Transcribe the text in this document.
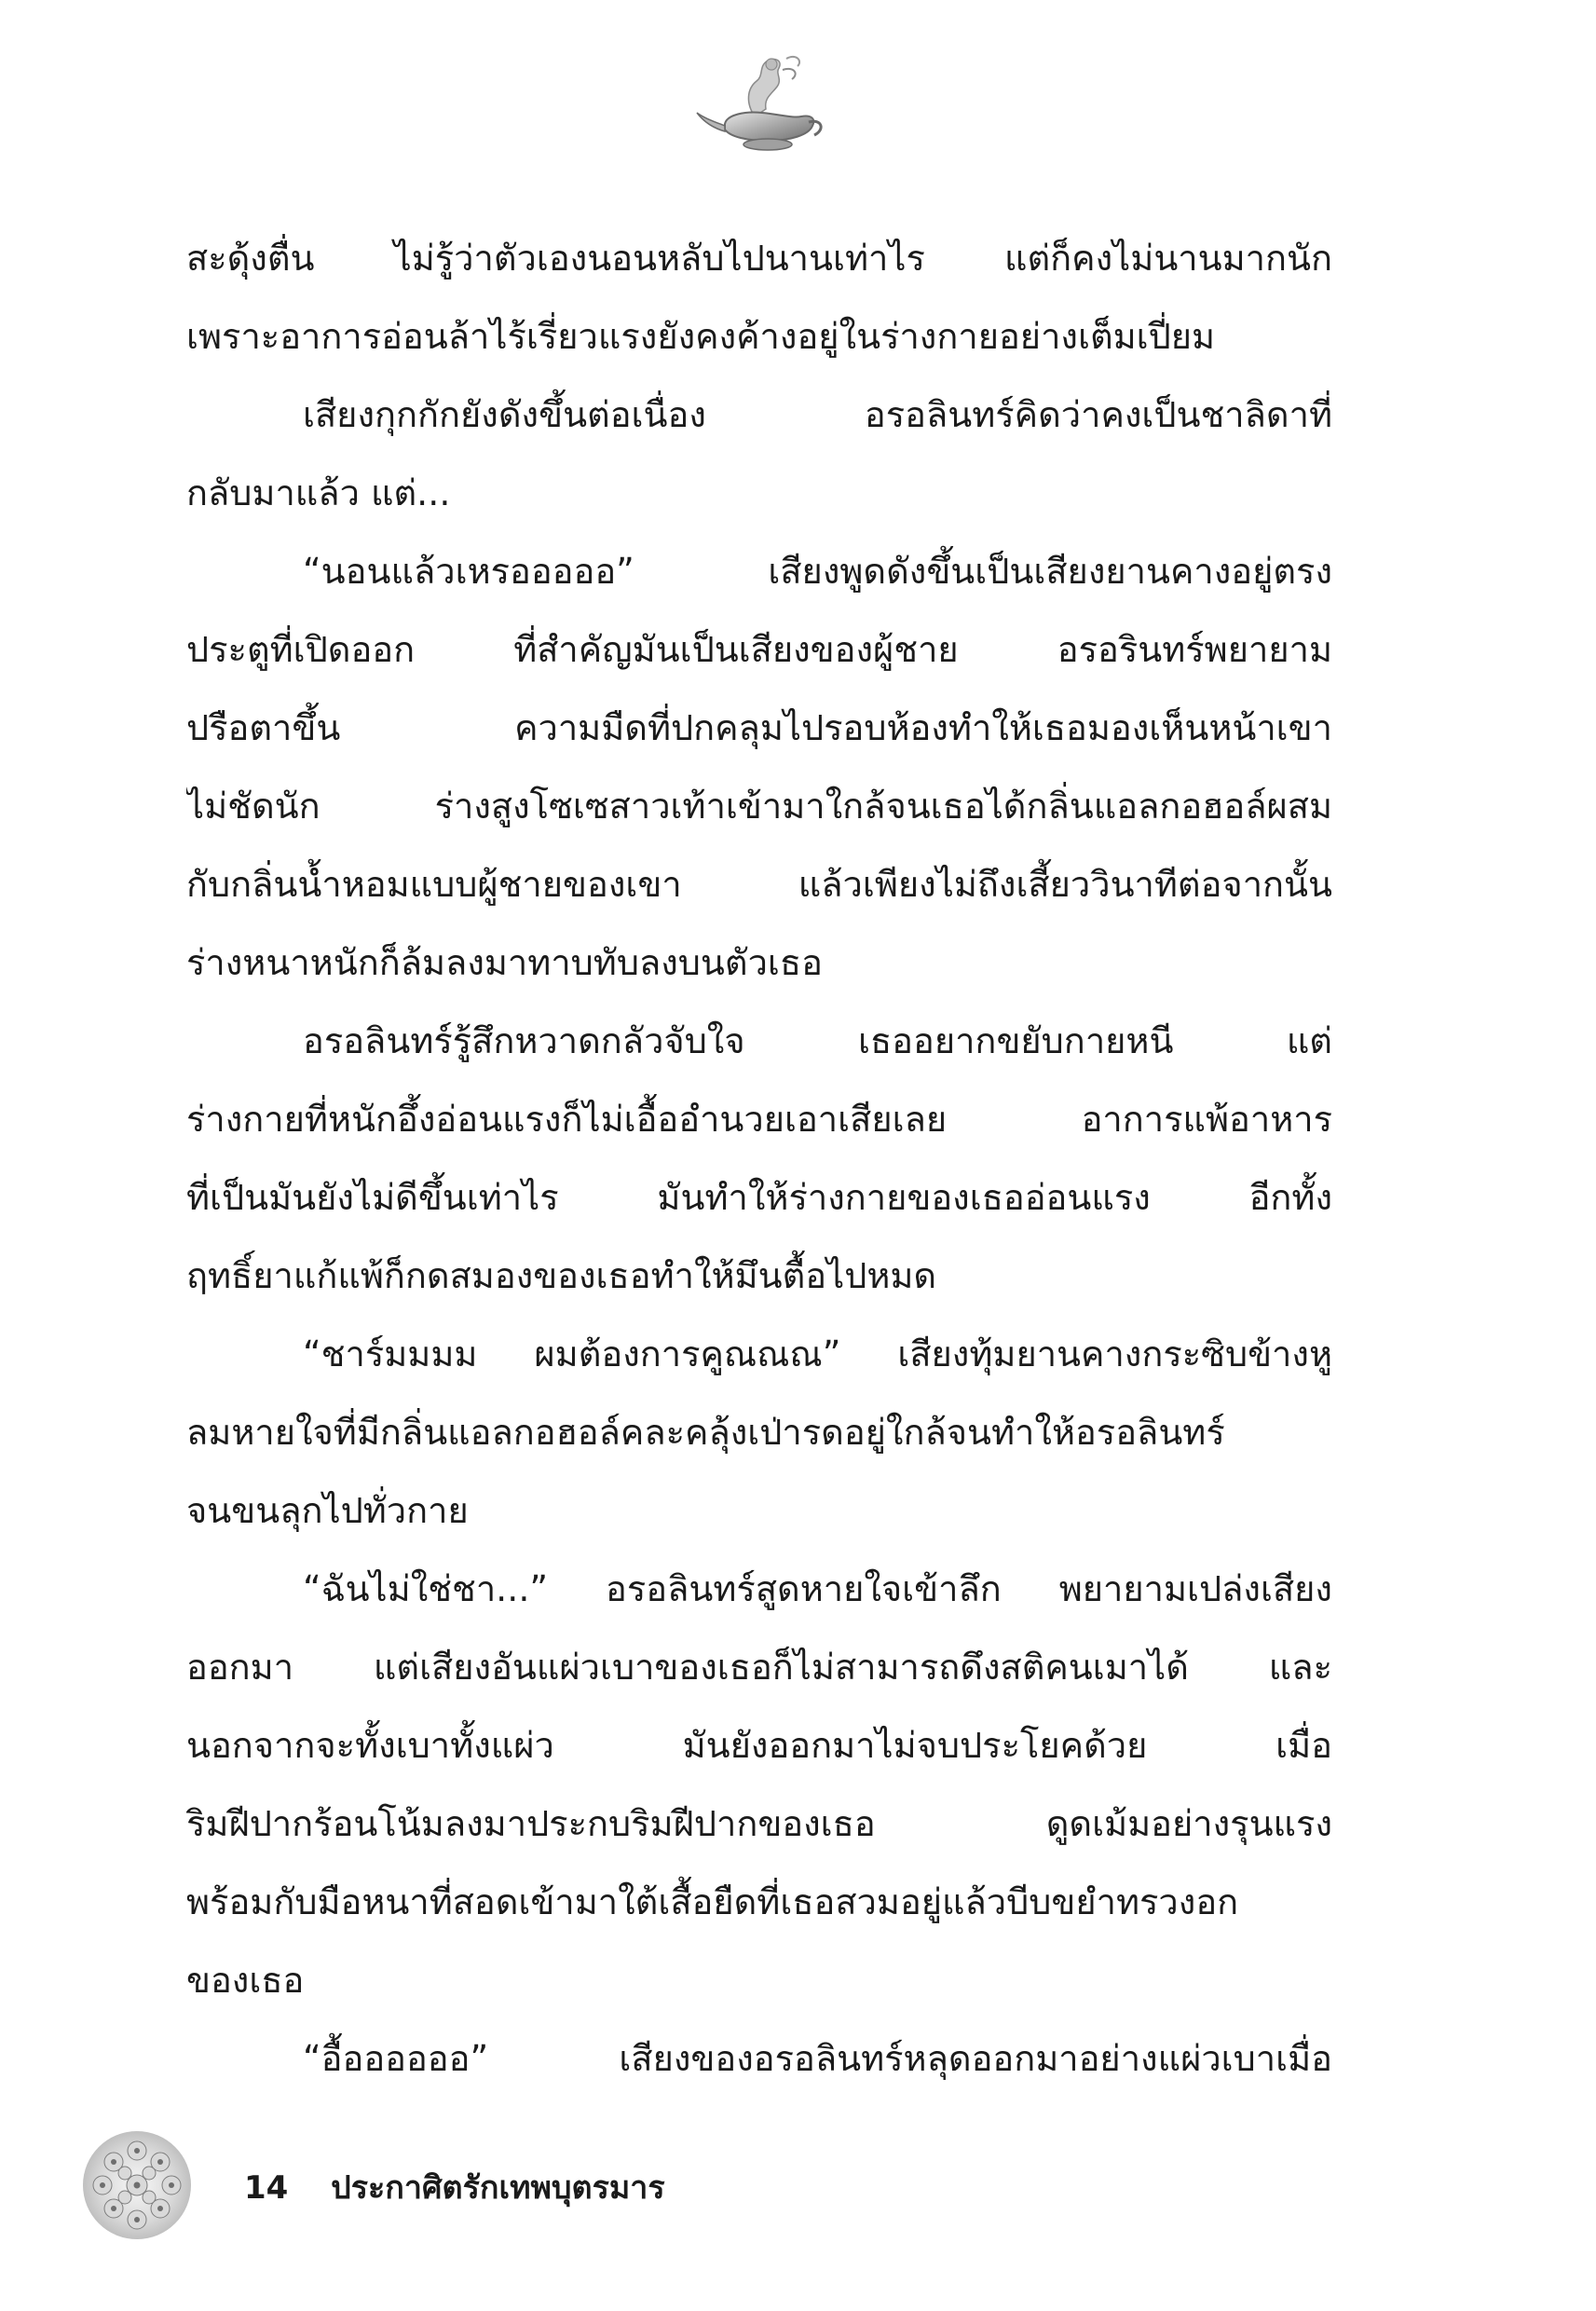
สะดุ้งตื่น ไม่รู้ว่าตัวเองนอนหลับไปนานเท่าไร แต่ก็คงไม่นานมากนัก
เพราะอาการอ่อนล้าไร้เรี่ยวแรงยังคงค้างอยู่ในร่างกายอย่างเต็มเปี่ยม
เสียงกุกกักยังดังขึ้นต่อเนื่อง อรอลินทร์คิดว่าคงเป็นชาลิดาที่
กลับมาแล้ว แต่...
“นอนแล้วเหรอออออ” เสียงพูดดังขึ้นเป็นเสียงยานคางอยู่ตรง
ประตูที่เปิดออก ที่สำคัญมันเป็นเสียงของผู้ชาย อรอรินทร์พยายาม
ปรือตาขึ้น ความมืดที่ปกคลุมไปรอบห้องทำให้เธอมองเห็นหน้าเขา
ไม่ชัดนัก ร่างสูงโซเซสาวเท้าเข้ามาใกล้จนเธอได้กลิ่นแอลกอฮอล์ผสม
กับกลิ่นน้ำหอมแบบผู้ชายของเขา แล้วเพียงไม่ถึงเสี้ยววินาทีต่อจากนั้น
ร่างหนาหนักก็ล้มลงมาทาบทับลงบนตัวเธอ
อรอลินทร์รู้สึกหวาดกลัวจับใจ เธออยากขยับกายหนี แต่
ร่างกายที่หนักอึ้งอ่อนแรงก็ไม่เอื้ออำนวยเอาเสียเลย อาการแพ้อาหาร
ที่เป็นมันยังไม่ดีขึ้นเท่าไร มันทำให้ร่างกายของเธออ่อนแรง อีกทั้ง
ฤทธิ์ยาแก้แพ้ก็กดสมองของเธอทำให้มึนตื้อไปหมด
“ชาร์มมมม ผมต้องการคูณณณ” เสียงทุ้มยานคางกระซิบข้างหู
ลมหายใจที่มีกลิ่นแอลกอฮอล์คละคลุ้งเป่ารดอยู่ใกล้จนทำให้อรอลินทร์
จนขนลุกไปทั่วกาย
“ฉันไม่ใช่ชา...” อรอลินทร์สูดหายใจเข้าลึก พยายามเปล่งเสียง
ออกมา แต่เสียงอันแผ่วเบาของเธอก็ไม่สามารถดึงสติคนเมาได้ และ
นอกจากจะทั้งเบาทั้งแผ่ว มันยังออกมาไม่จบประโยคด้วย เมื่อ
ริมฝีปากร้อนโน้มลงมาประกบริมฝีปากของเธอ ดูดเม้มอย่างรุนแรง
พร้อมกับมือหนาที่สอดเข้ามาใต้เสื้อยืดที่เธอสวมอยู่แล้วบีบขยำทรวงอก
ของเธอ
“อื้ออออออ” เสียงของอรอลินทร์หลุดออกมาอย่างแผ่วเบาเมื่อ
14 ประกาศิตรักเทพบุตรมาร
